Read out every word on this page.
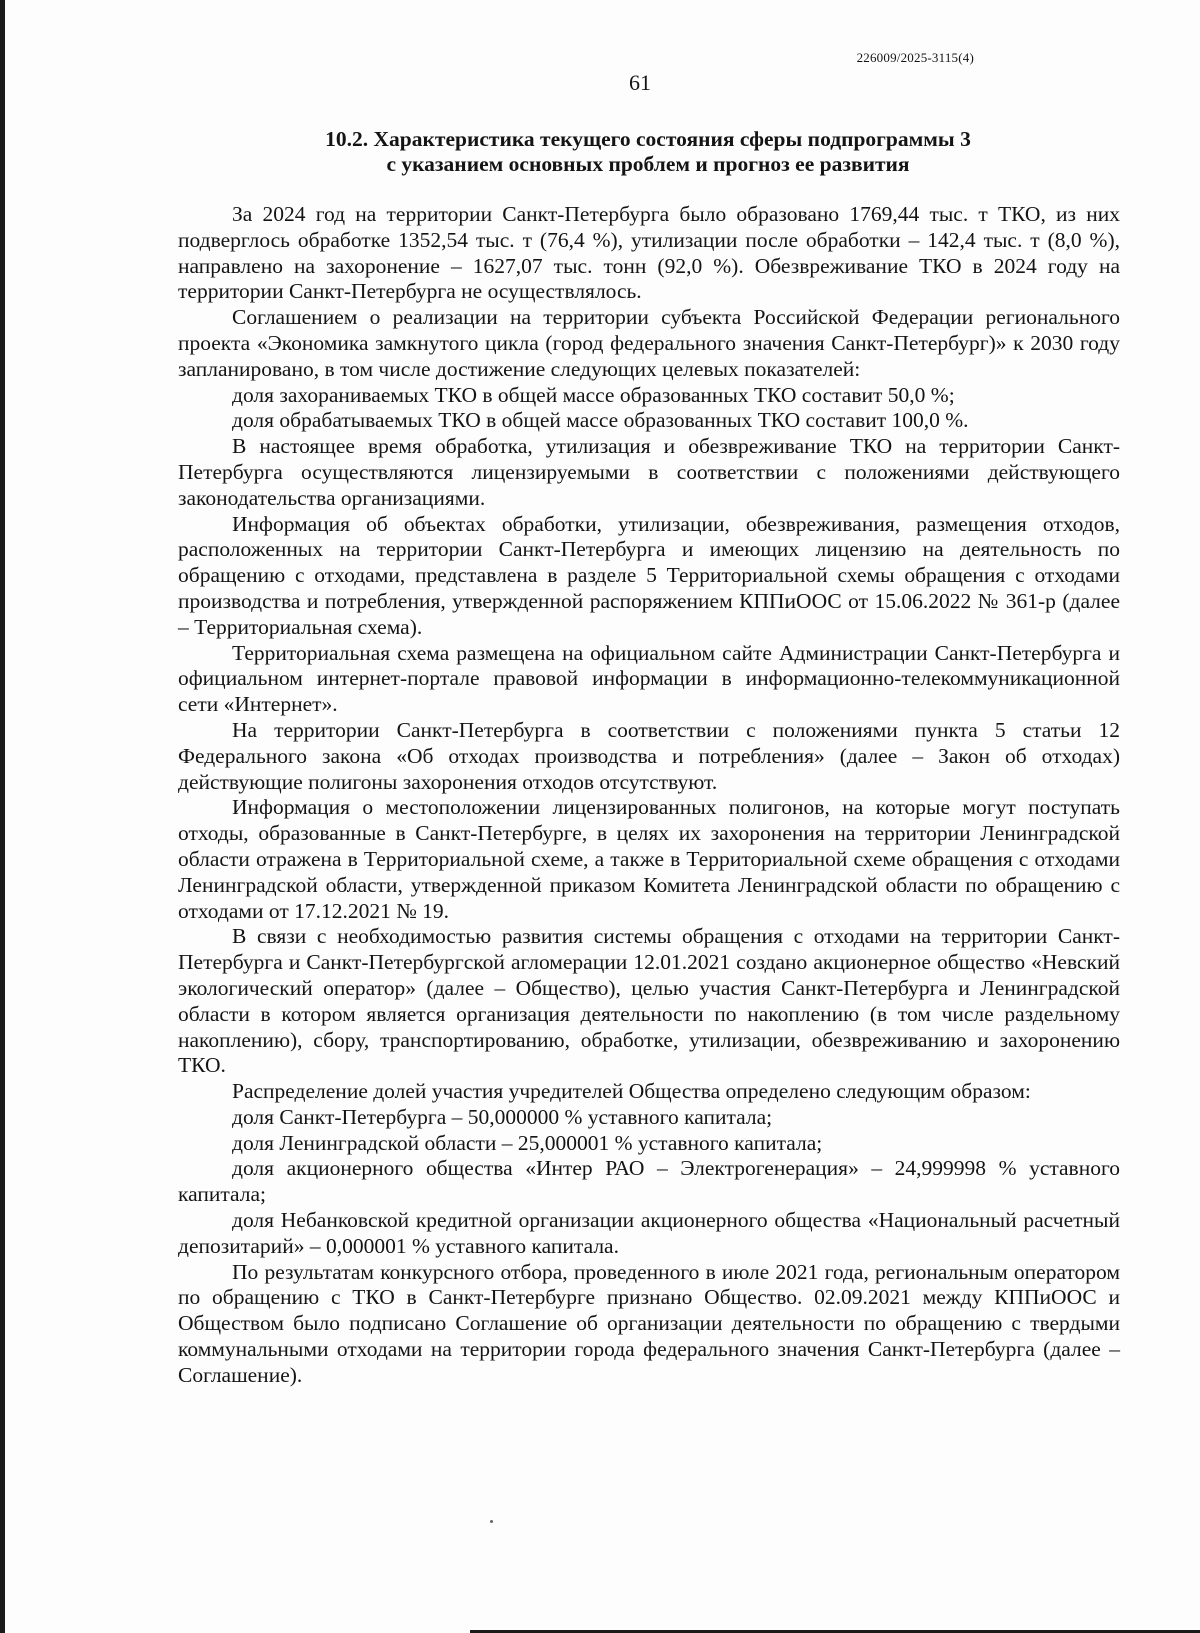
226009/2025-3115(4)
61
10.2. Характеристика текущего состояния сферы подпрограммы 3
с указанием основных проблем и прогноз ее развития

За 2024 год на территории Санкт-Петербурга было образовано 1769,44 тыс. т ТКО, из них подверглось обработке 1352,54 тыс. т (76,4 %), утилизации после обработки – 142,4 тыс. т (8,0 %), направлено на захоронение – 1627,07 тыс. тонн (92,0 %). Обезвреживание ТКО в 2024 году на территории Санкт-Петербурга не осуществлялось.

Соглашением о реализации на территории субъекта Российской Федерации регионального проекта «Экономика замкнутого цикла (город федерального значения Санкт-Петербург)» к 2030 году запланировано, в том числе достижение следующих целевых показателей:

доля захораниваемых ТКО в общей массе образованных ТКО составит 50,0 %;

доля обрабатываемых ТКО в общей массе образованных ТКО составит 100,0 %.

В настоящее время обработка, утилизация и обезвреживание ТКО на территории Санкт-Петербурга осуществляются лицензируемыми в соответствии с положениями действующего законодательства организациями.

Информация об объектах обработки, утилизации, обезвреживания, размещения отходов, расположенных на территории Санкт-Петербурга и имеющих лицензию на деятельность по обращению с отходами, представлена в разделе 5 Территориальной схемы обращения с отходами производства и потребления, утвержденной распоряжением КППиООС от 15.06.2022 № 361-р (далее – Территориальная схема).

Территориальная схема размещена на официальном сайте Администрации Санкт-Петербурга и официальном интернет-портале правовой информации в информационно-телекоммуникационной сети «Интернет».

На территории Санкт-Петербурга в соответствии с положениями пункта 5 статьи 12 Федерального закона «Об отходах производства и потребления» (далее – Закон об отходах) действующие полигоны захоронения отходов отсутствуют.

Информация о местоположении лицензированных полигонов, на которые могут поступать отходы, образованные в Санкт-Петербурге, в целях их захоронения на территории Ленинградской области отражена в Территориальной схеме, а также в Территориальной схеме обращения с отходами Ленинградской области, утвержденной приказом Комитета Ленинградской области по обращению с отходами от 17.12.2021 № 19.

В связи с необходимостью развития системы обращения с отходами на территории Санкт-Петербурга и Санкт-Петербургской агломерации 12.01.2021 создано акционерное общество «Невский экологический оператор» (далее – Общество), целью участия Санкт-Петербурга и Ленинградской области в котором является организация деятельности по накоплению (в том числе раздельному накоплению), сбору, транспортированию, обработке, утилизации, обезвреживанию и захоронению ТКО.

Распределение долей участия учредителей Общества определено следующим образом:

доля Санкт-Петербурга – 50,000000 % уставного капитала;

доля Ленинградской области – 25,000001 % уставного капитала;

доля акционерного общества «Интер РАО – Электрогенерация» – 24,999998 % уставного капитала;

доля Небанковской кредитной организации акционерного общества «Национальный расчетный депозитарий» – 0,000001 % уставного капитала.

По результатам конкурсного отбора, проведенного в июле 2021 года, региональным оператором по обращению с ТКО в Санкт-Петербурге признано Общество. 02.09.2021 между КППиООС и Обществом было подписано Соглашение об организации деятельности по обращению с твердыми коммунальными отходами на территории города федерального значения Санкт-Петербурга (далее – Соглашение).
